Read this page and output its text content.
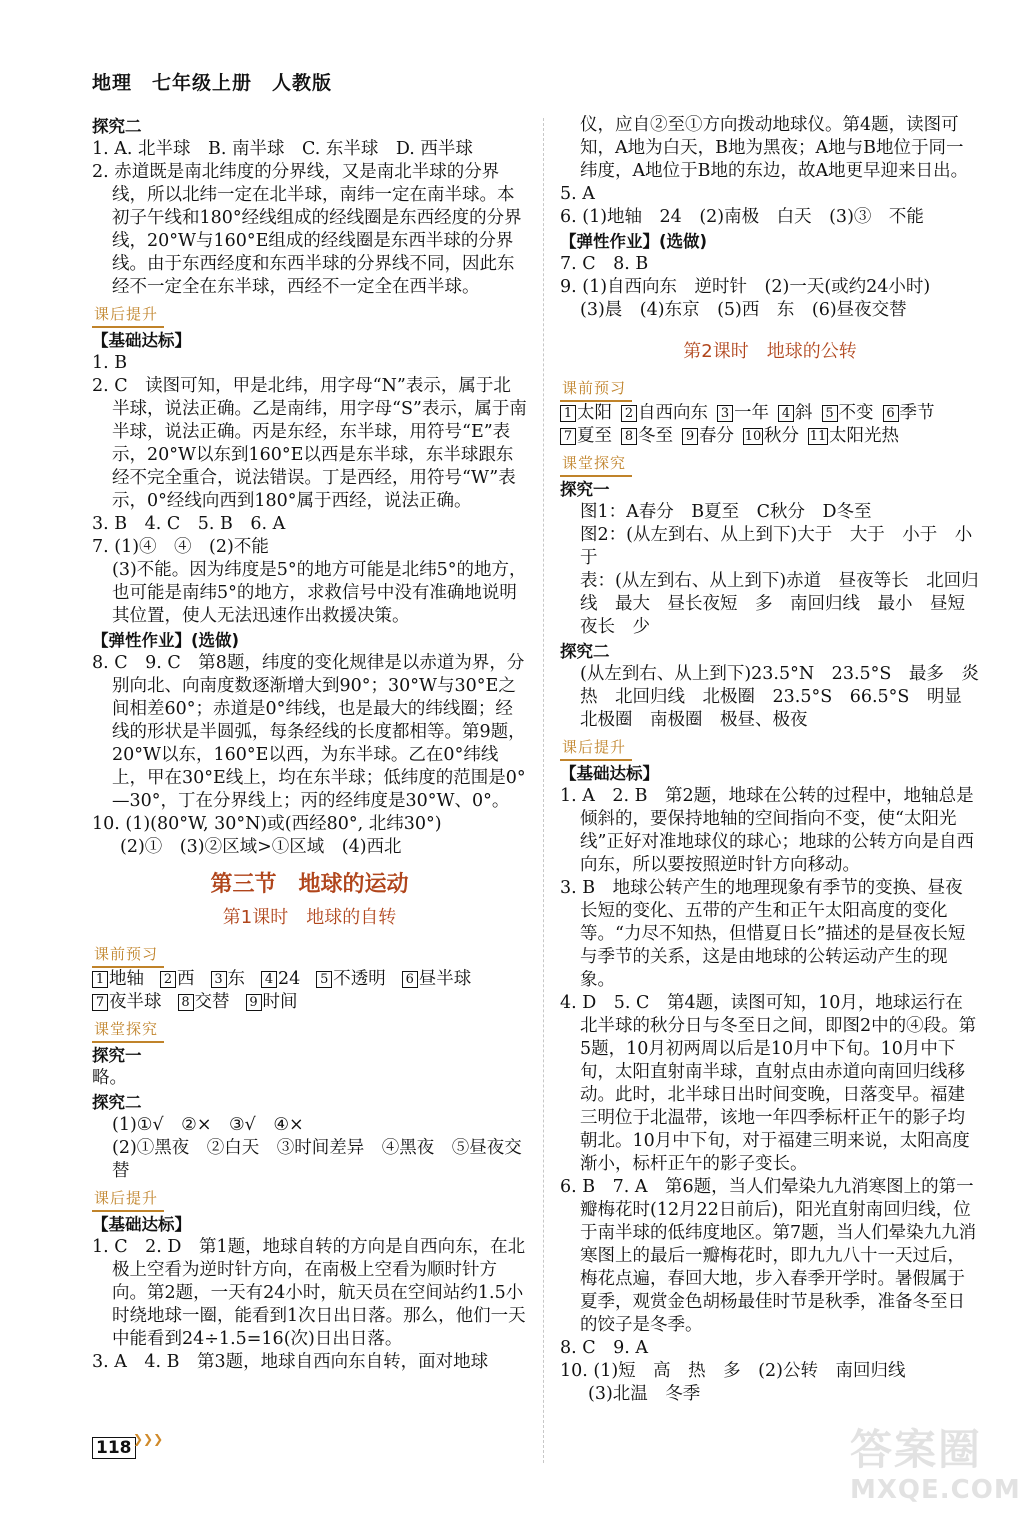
地理　七年级上册　人教版
探究二
1. A. 北半球　B. 南半球　C. 东半球　D. 西半球
2. 赤道既是南北纬度的分界线，又是南北半球的分界线，所以北纬一定在北半球，南纬一定在南半球。本初子午线和180°经线组成的经线圈是东西经度的分界线，20°W与160°E组成的经线圈是东西半球的分界线。由于东西经度和东西半球的分界线不同，因此东经不一定全在东半球，西经不一定全在西半球。
课后提升
【基础达标】
1. B
2. C　读图可知，甲是北纬，用字母“N”表示，属于北半球，说法正确。乙是南纬，用字母“S”表示，属于南半球，说法正确。丙是东经，东半球，用符号“E”表示，20°W以东到160°E以西是东半球，东半球跟东经不完全重合，说法错误。丁是西经，用符号“W”表示，0°经线向西到180°属于西经，说法正确。
3. B　4. C　5. B　6. A
7. (1)④　④　(2)不能
(3)不能。因为纬度是5°的地方可能是北纬5°的地方，也可能是南纬5°的地方，求救信号中没有准确地说明其位置，使人无法迅速作出救援决策。
【弹性作业】(选做)
8. C　9. C　第8题，纬度的变化规律是以赤道为界，分别向北、向南度数逐渐增大到90°；30°W与30°E之间相差60°；赤道是0°纬线，也是最大的纬线圈；经线的形状是半圆弧，每条经线的长度都相等。第9题，20°W以东，160°E以西，为东半球。乙在0°纬线上，甲在30°E线上，均在东半球；低纬度的范围是0°—30°，丁在分界线上；丙的经纬度是30°W、0°。
10. (1)(80°W, 30°N)或(西经80°, 北纬30°)
(2)①　(3)②区域>①区域　(4)西北
第三节　地球的运动
第1课时　地球的自转
课前预习
1 地轴 2 西 3 东 4 24 5 不透明 6 昼半球
7 夜半球 8 交替 9 时间
课堂探究
探究一
略。
探究二
(1)①√　②×　③√　④×
(2)①黑夜　②白天　③时间差异　④黑夜　⑤昼夜交替
课后提升
【基础达标】
1. C　2. D　第1题，地球自转的方向是自西向东，在北极上空看为逆时针方向，在南极上空看为顺时针方向。第2题，一天有24小时，航天员在空间站约1.5小时绕地球一圈，能看到1次日出日落。那么，他们一天中能看到24÷1.5=16(次)日出日落。
3. A　4. B　第3题，地球自西向东自转，面对地球
仪，应自②至①方向拨动地球仪。第4题，读图可知，A地为白天，B地为黑夜；A地与B地位于同一纬度，A地位于B地的东边，故A地更早迎来日出。
5. A
6. (1)地轴　24　(2)南极　白天　(3)③　不能
【弹性作业】(选做)
7. C　8. B
9. (1)自西向东　逆时针　(2)一天(或约24小时)
(3)晨　(4)东京　(5)西　东　(6)昼夜交替
第2课时　地球的公转
课前预习
1 太阳 2 自西向东 3 一年 4 斜 5 不变 6 季节
7 夏至 8 冬至 9 春分 10 秋分 11 太阳光热
课堂探究
探究一
图1：A春分　B夏至　C秋分　D冬至
图2：(从左到右、从上到下)大于　大于　小于　小于
表：(从左到右、从上到下)赤道　昼夜等长　北回归线　最大　昼长夜短　多　南回归线　最小　昼短夜长　少
探究二
(从左到右、从上到下)23.5°N　23.5°S　最多　炎热　北回归线　北极圈　23.5°S　66.5°S　明显　北极圈　南极圈　极昼、极夜
课后提升
【基础达标】
1. A　2. B　第2题，地球在公转的过程中，地轴总是倾斜的，要保持地轴的空间指向不变，使“太阳光线”正好对准地球仪的球心；地球的公转方向是自西向东，所以要按照逆时针方向移动。
3. B　地球公转产生的地理现象有季节的变换、昼夜长短的变化、五带的产生和正午太阳高度的变化等。“力尽不知热，但惜夏日长”描述的是昼夜长短与季节的关系，这是由地球的公转运动产生的现象。
4. D　5. C　第4题，读图可知，10月，地球运行在北半球的秋分日与冬至日之间，即图2中的④段。第5题，10月初两周以后是10月中下旬。10月中下旬，太阳直射南半球，直射点由赤道向南回归线移动。此时，北半球日出时间变晚，日落变早。福建三明位于北温带，该地一年四季标杆正午的影子均朝北。10月中下旬，对于福建三明来说，太阳高度渐小，标杆正午的影子变长。
6. B　7. A　第6题，当人们晕染九九消寒图上的第一瓣梅花时(12月22日前后)，阳光直射南回归线，位于南半球的低纬度地区。第7题，当人们晕染九九消寒图上的最后一瓣梅花时，即九九八十一天过后，梅花点遍，春回大地，步入春季开学时。暑假属于夏季，观赏金色胡杨最佳时节是秋季，准备冬至日的饺子是冬季。
8. C　9. A
10. (1)短　高　热　多　(2)公转　南回归线
(3)北温　冬季
118 ❯❯❯	答案圈
MXQE.COM
